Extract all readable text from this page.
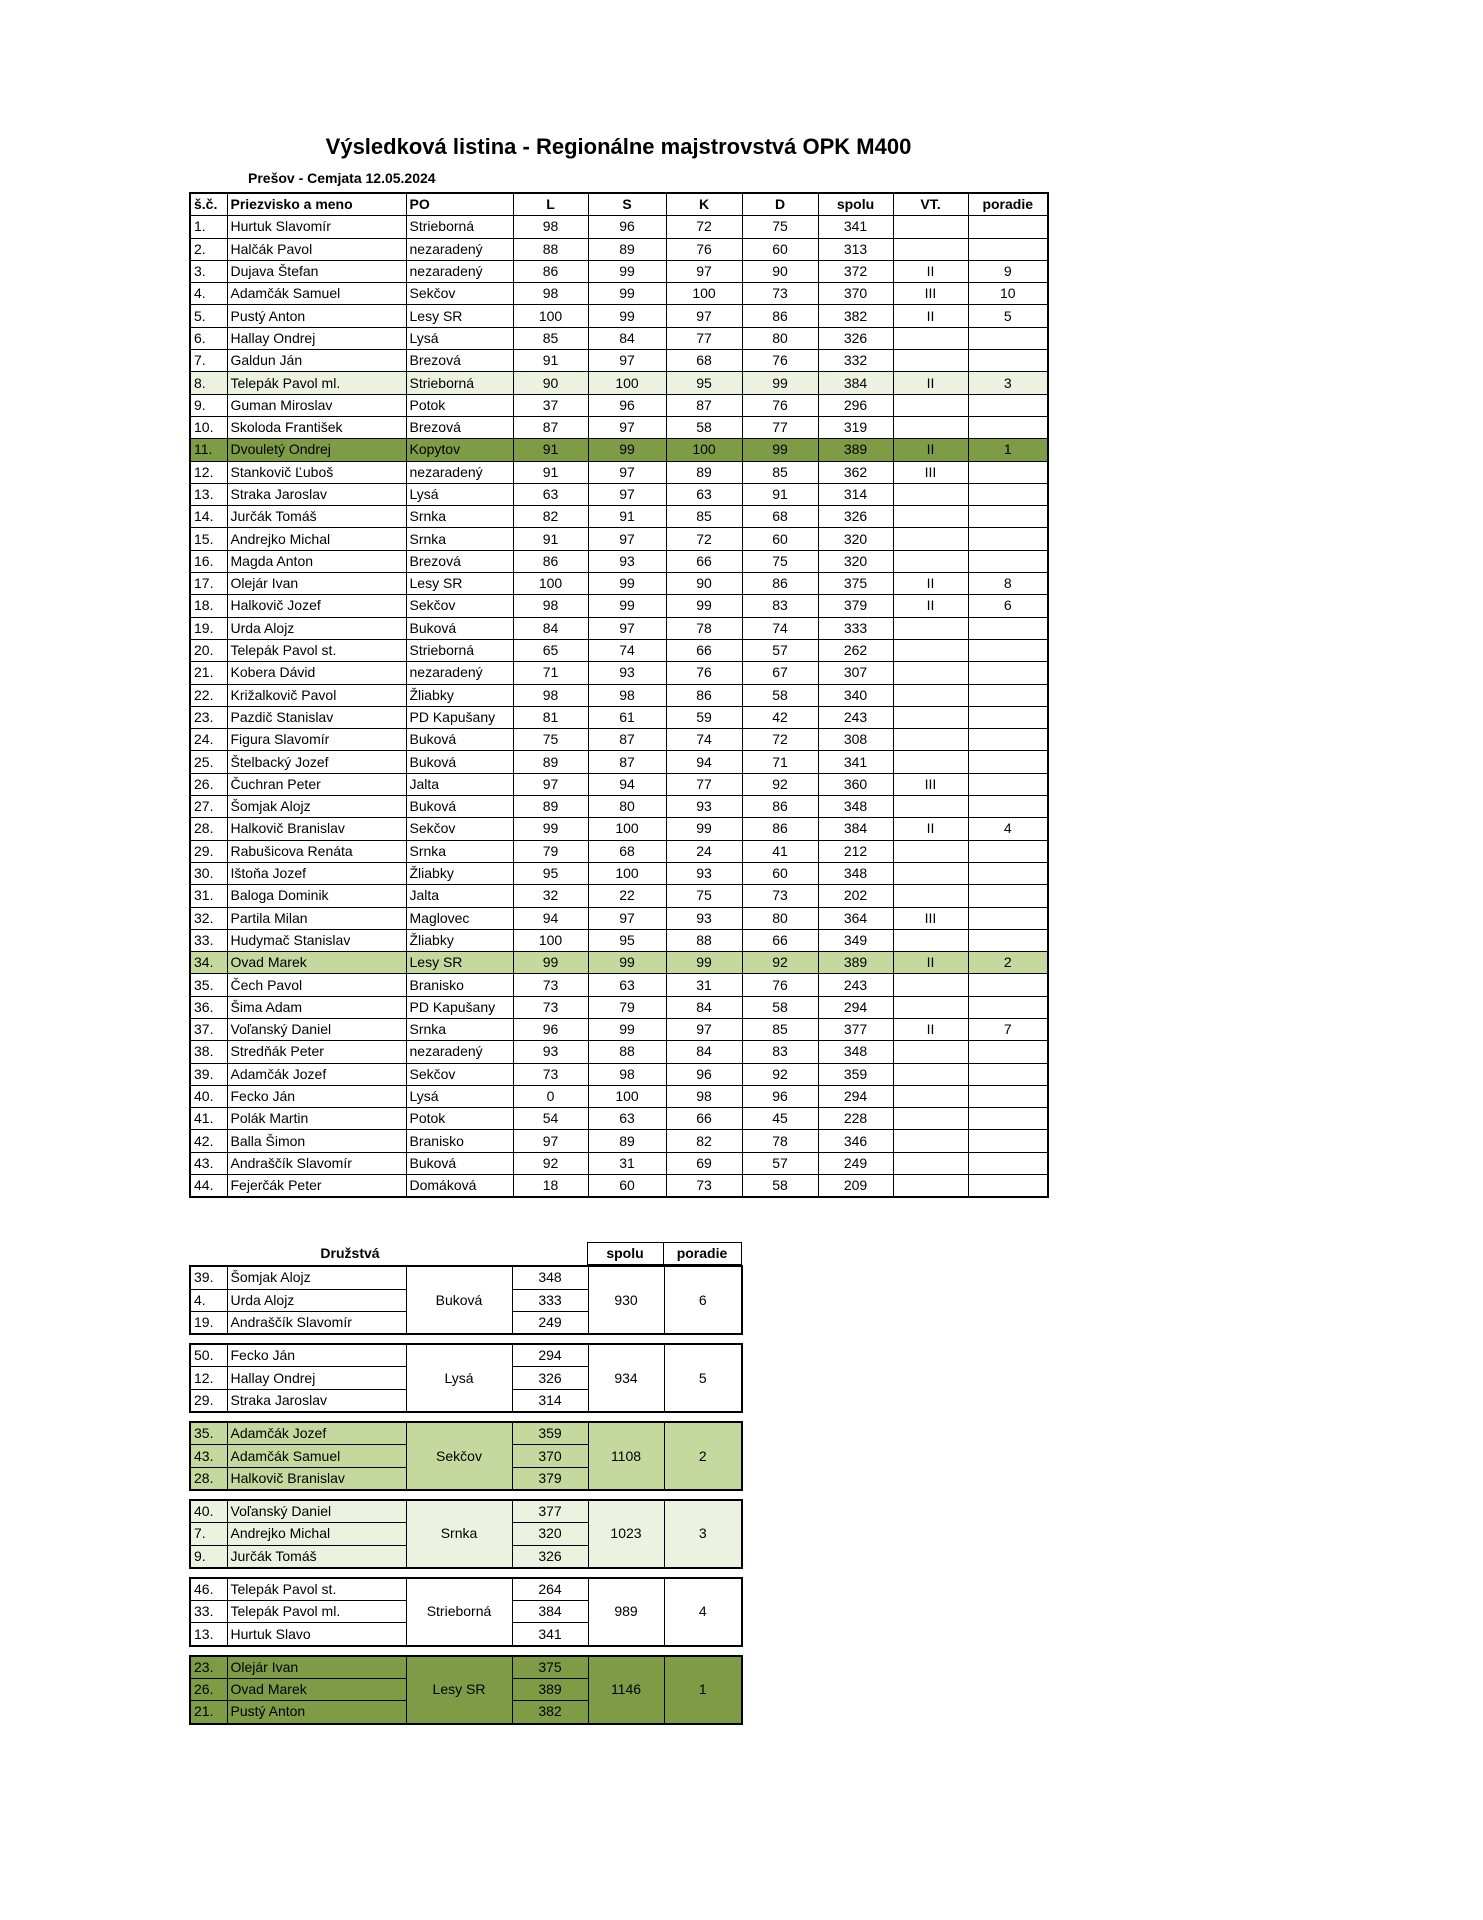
Výsledková listina - Regionálne majstrovstvá OPK M400
Prešov - Cemjata 12.05.2024
š.č.	Priezvisko a meno	PO	L	S	K	D	spolu	VT.	poradie
1.	Hurtuk Slavomír	Strieborná	98	96	72	75	341		
2.	Halčák Pavol	nezaradený	88	89	76	60	313		
3.	Dujava Štefan	nezaradený	86	99	97	90	372	II	9
4.	Adamčák Samuel	Sekčov	98	99	100	73	370	III	10
5.	Pustý Anton	Lesy SR	100	99	97	86	382	II	5
6.	Hallay Ondrej	Lysá	85	84	77	80	326		
7.	Galdun Ján	Brezová	91	97	68	76	332		
8.	Telepák Pavol ml.	Strieborná	90	100	95	99	384	II	3
9.	Guman Miroslav	Potok	37	96	87	76	296		
10.	Skoloda František	Brezová	87	97	58	77	319		
11.	Dvouletý Ondrej	Kopytov	91	99	100	99	389	II	1
12.	Stankovič Ľuboš	nezaradený	91	97	89	85	362	III	
13.	Straka Jaroslav	Lysá	63	97	63	91	314		
14.	Jurčák Tomáš	Srnka	82	91	85	68	326		
15.	Andrejko Michal	Srnka	91	97	72	60	320		
16.	Magda Anton	Brezová	86	93	66	75	320		
17.	Olejár Ivan	Lesy SR	100	99	90	86	375	II	8
18.	Halkovič Jozef	Sekčov	98	99	99	83	379	II	6
19.	Urda Alojz	Buková	84	97	78	74	333		
20.	Telepák Pavol st.	Strieborná	65	74	66	57	262		
21.	Kobera Dávid	nezaradený	71	93	76	67	307		
22.	Križalkovič Pavol	Žliabky	98	98	86	58	340		
23.	Pazdič Stanislav	PD Kapušany	81	61	59	42	243		
24.	Figura Slavomír	Buková	75	87	74	72	308		
25.	Štelbacký Jozef	Buková	89	87	94	71	341		
26.	Čuchran Peter	Jalta	97	94	77	92	360	III	
27.	Šomjak Alojz	Buková	89	80	93	86	348		
28.	Halkovič Branislav	Sekčov	99	100	99	86	384	II	4
29.	Rabušicova Renáta	Srnka	79	68	24	41	212		
30.	Ištoňa Jozef	Žliabky	95	100	93	60	348		
31.	Baloga Dominik	Jalta	32	22	75	73	202		
32.	Partila Milan	Maglovec	94	97	93	80	364	III	
33.	Hudymač Stanislav	Žliabky	100	95	88	66	349		
34.	Ovad Marek	Lesy SR	99	99	99	92	389	II	2
35.	Čech Pavol	Branisko	73	63	31	76	243		
36.	Šima Adam	PD Kapušany	73	79	84	58	294		
37.	Voľanský Daniel	Srnka	96	99	97	85	377	II	7
38.	Stredňák Peter	nezaradený	93	88	84	83	348		
39.	Adamčák Jozef	Sekčov	73	98	96	92	359		
40.	Fecko Ján	Lysá	0	100	98	96	294		
41.	Polák Martin	Potok	54	63	66	45	228		
42.	Balla Šimon	Branisko	97	89	82	78	346		
43.	Andraščík Slavomír	Buková	92	31	69	57	249		
44.	Fejerčák Peter	Domáková	18	60	73	58	209		
Družstvá		spolu	poradie
39.	Šomjak Alojz	Buková	348	930	6
4.	Urda Alojz		333		
19.	Andraščík Slavomír		249		
50.	Fecko Ján	Lysá	294	934	5
12.	Hallay Ondrej		326		
29.	Straka Jaroslav		314		
35.	Adamčák Jozef	Sekčov	359	1108	2
43.	Adamčák Samuel		370		
28.	Halkovič Branislav		379		
40.	Voľanský Daniel	Srnka	377	1023	3
7.	Andrejko Michal		320		
9.	Jurčák Tomáš		326		
46.	Telepák Pavol st.	Strieborná	264	989	4
33.	Telepák Pavol ml.		384		
13.	Hurtuk Slavo		341		
23.	Olejár Ivan	Lesy SR	375	1146	1
26.	Ovad Marek		389		
21.	Pustý Anton		382		
